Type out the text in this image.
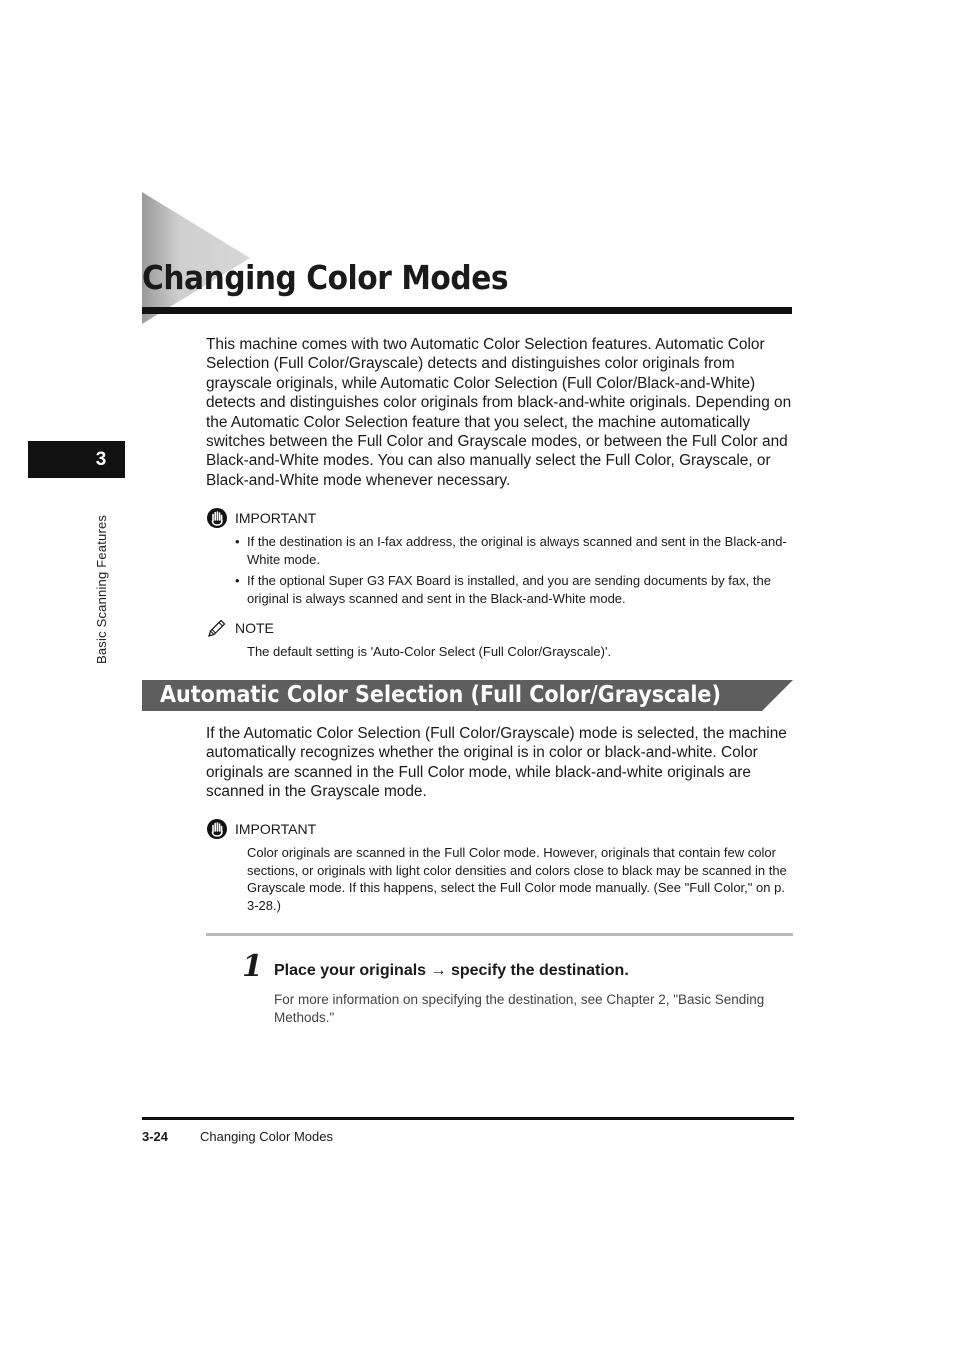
3
Basic Scanning Features
Changing Color Modes

This machine comes with two Automatic Color Selection features. Automatic Color Selection (Full Color/Grayscale) detects and distinguishes color originals from grayscale originals, while Automatic Color Selection (Full Color/Black-and-White) detects and distinguishes color originals from black-and-white originals. Depending on the Automatic Color Selection feature that you select, the machine automatically switches between the Full Color and Grayscale modes, or between the Full Color and Black-and-White modes. You can also manually select the Full Color, Grayscale, or Black-and-White mode whenever necessary.

IMPORTANT
• If the destination is an I-fax address, the original is always scanned and sent in the Black-and-White mode.
• If the optional Super G3 FAX Board is installed, and you are sending documents by fax, the original is always scanned and sent in the Black-and-White mode.
NOTE
The default setting is 'Auto-Color Select (Full Color/Grayscale)'.
Automatic Color Selection (Full Color/Grayscale)

If the Automatic Color Selection (Full Color/Grayscale) mode is selected, the machine automatically recognizes whether the original is in color or black-and-white. Color originals are scanned in the Full Color mode, while black-and-white originals are scanned in the Grayscale mode.

IMPORTANT
Color originals are scanned in the Full Color mode. However, originals that contain few color sections, or originals with light color densities and colors close to black may be scanned in the Grayscale mode. If this happens, select the Full Color mode manually. (See "Full Color," on p. 3-28.)
1 Place your originals → specify the destination.

For more information on specifying the destination, see Chapter 2, "Basic Sending Methods."

3-24 Changing Color Modes
